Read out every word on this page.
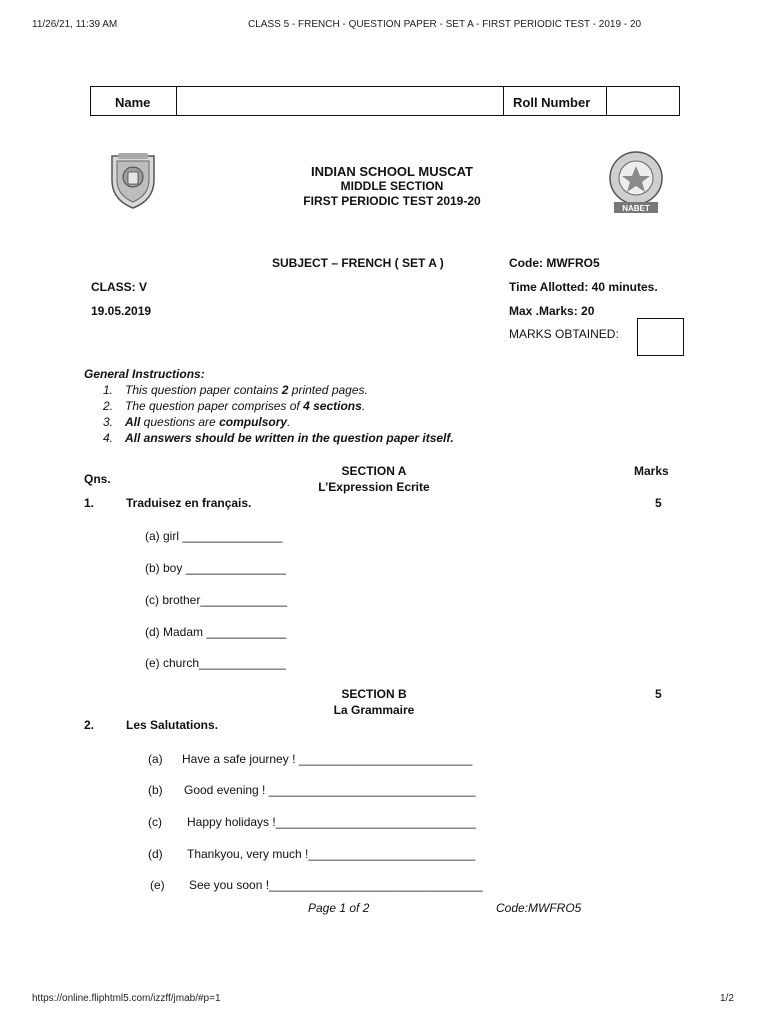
11/26/21, 11:39 AM	CLASS 5 - FRENCH - QUESTION PAPER - SET A - FIRST PERIODIC TEST - 2019 - 20
https://online.fliphtml5.com/izzff/jmab/#p=1	1/2
Name	Roll Number
INDIAN SCHOOL MUSCAT
MIDDLE SECTION
FIRST PERIODIC TEST 2019-20
NABET
SUBJECT – FRENCH ( SET A )	Code: MWFRO5
CLASS: V	Time Allotted: 40 minutes.
19.05.2019	Max .Marks: 20
MARKS OBTAINED:
General Instructions:
1. This question paper contains 2 printed pages.
2. The question paper comprises of 4 sections.
3. All questions are compulsory.
4. All answers should be written in the question paper itself.
Qns.
SECTION A
L’Expression Ecrite
Marks
1.	Traduisez en français.	5
(a) girl _______________
(b) boy _______________
(c) brother_____________
(d) Madam ____________
(e) church_____________
SECTION B
La Grammaire
5
2.	Les Salutations.
(a) Have a safe journey ! __________________________
(b) Good evening ! _______________________________
(c) Happy holidays !______________________________
(d) Thankyou, very much !_________________________
(e) See you soon !________________________________
Page 1 of 2	Code:MWFRO5
